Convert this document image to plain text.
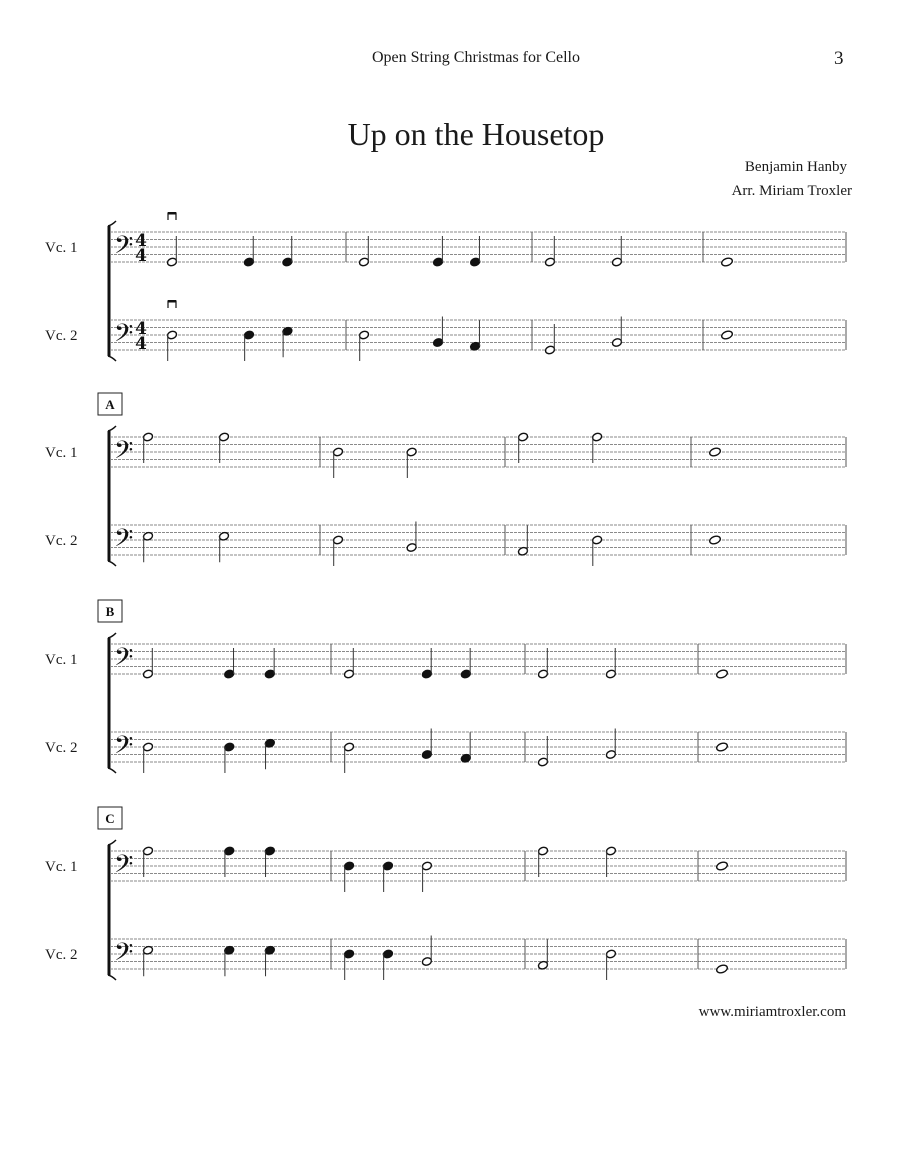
Open String Christmas for Cello	3
Up on the Housetop
Benjamin Hanby
Arr. Miriam Troxler
Vc. 1 𝄢 4
4
Vc. 2 𝄢 4
4
A
Vc. 1 𝄢
Vc. 2 𝄢
B
Vc. 1 𝄢
Vc. 2 𝄢
C
Vc. 1 𝄢
Vc. 2 𝄢
www.miriamtroxler.com
